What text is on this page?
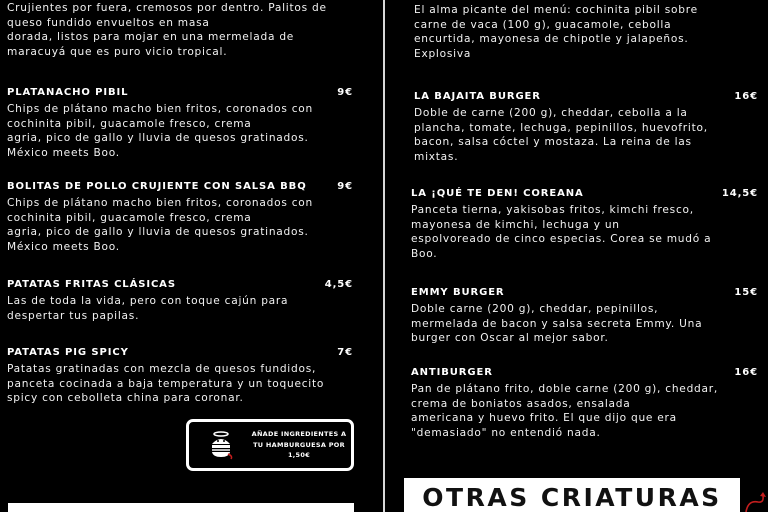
Crujientes por fuera, cremosos por dentro. Palitos de
queso fundido envueltos en masa
dorada, listos para mojar en una mermelada de
maracuyá que es puro vicio tropical.
PLATANACHO PIBIL	9€
Chips de plátano macho bien fritos, coronados con
cochinita pibil, guacamole fresco, crema
agria, pico de gallo y lluvia de quesos gratinados.
México meets Boo.
BOLITAS DE POLLO CRUJIENTE CON SALSA BBQ	9€
Chips de plátano macho bien fritos, coronados con
cochinita pibil, guacamole fresco, crema
agria, pico de gallo y lluvia de quesos gratinados.
México meets Boo.
PATATAS FRITAS CLÁSICAS	4,5€
Las de toda la vida, pero con toque cajún para
despertar tus papilas.
PATATAS PIG SPICY	7€
Patatas gratinadas con mezcla de quesos fundidos,
panceta cocinada a baja temperatura y un toquecito
spicy con cebolleta china para coronar.
AÑADE INGREDIENTES A
TU HAMBURGUESA POR
1,50€
El alma picante del menú: cochinita pibil sobre
carne de vaca (100 g), guacamole, cebolla
encurtida, mayonesa de chipotle y jalapeños.
Explosiva
LA BAJAITA BURGER	16€
Doble de carne (200 g), cheddar, cebolla a la
plancha, tomate, lechuga, pepinillos, huevofrito,
bacon, salsa cóctel y mostaza. La reina de las
mixtas.
LA ¡QUÉ TE DEN! COREANA	14,5€
Panceta tierna, yakisobas fritos, kimchi fresco,
mayonesa de kimchi, lechuga y un
espolvoreado de cinco especias. Corea se mudó a
Boo.
EMMY BURGER	15€
Doble carne (200 g), cheddar, pepinillos,
mermelada de bacon y salsa secreta Emmy. Una
burger con Oscar al mejor sabor.
ANTIBURGER	16€
Pan de plátano frito, doble carne (200 g), cheddar,
crema de boniatos asados, ensalada
americana y huevo frito. El que dijo que era
"demasiado" no entendió nada.
OTRAS CRIATURAS
